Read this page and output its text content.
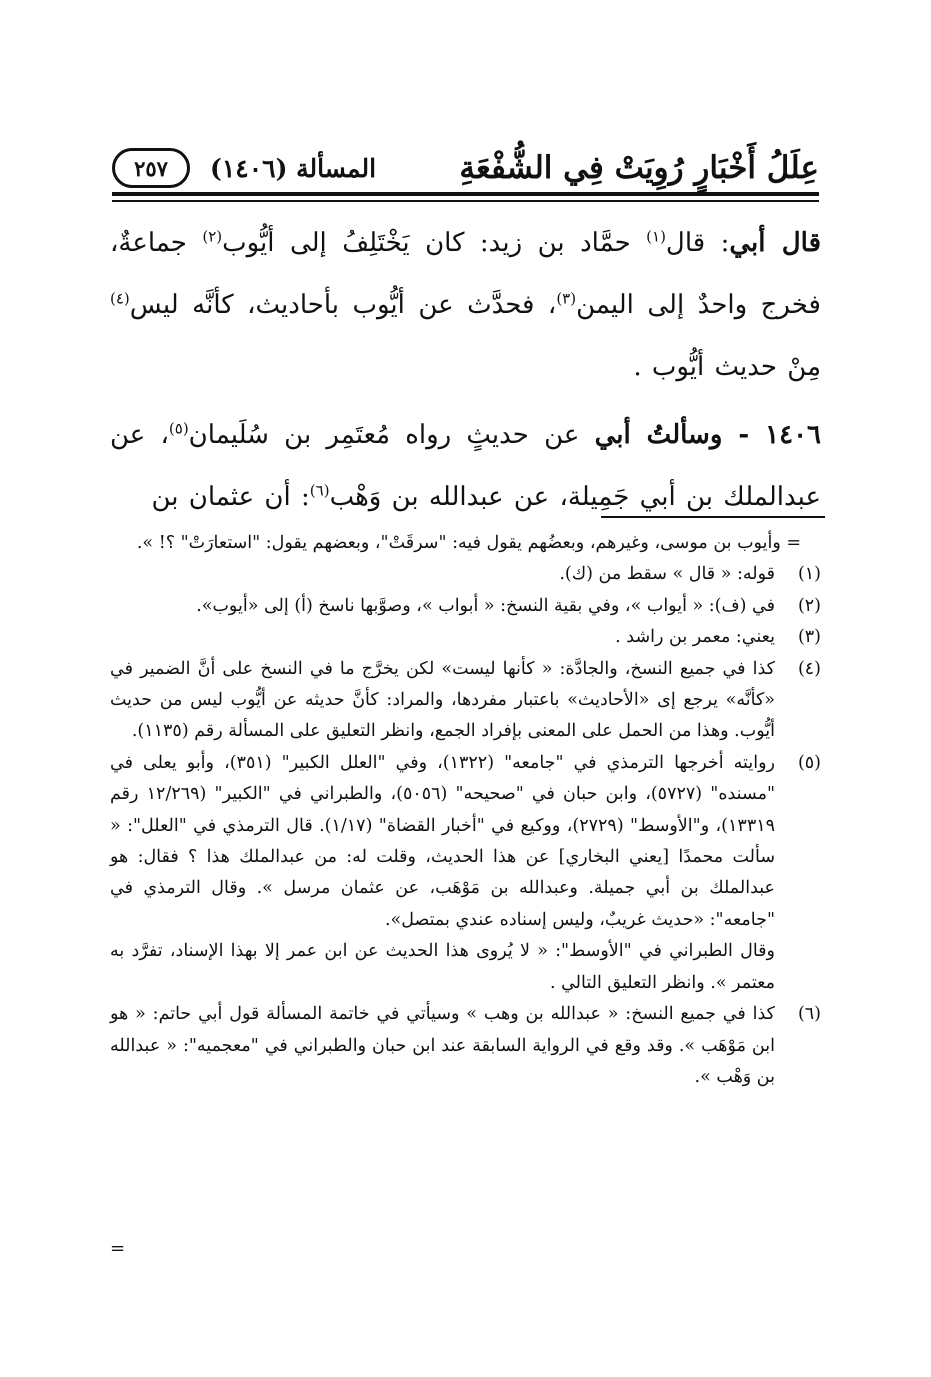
عِلَلُ أَخْبَارٍ رُوِيَتْ فِي الشُّفْعَةِ
المسألة (١٤٠٦)
٢٥٧

قال أبي: قال$^{(١)}$ حمَّاد بن زيد: كان يَخْتَلِفُ إلى أيُّوب$^{(٢)}$ جماعةٌ، فخرج واحدٌ إلى اليمن$^{(٣)}$، فحدَّث عن أيُّوب بأحاديث، كأنَّه ليس$^{(٤)}$ مِنْ حديث أيُّوب .

١٤٠٦ - وسألتُ أبي عن حديثٍ رواه مُعتَمِر بن سُلَيمان$^{(٥)}$، عن عبدالملك بن أبي جَمِيلة، عن عبدالله بن وَهْب$^{(٦)}$: أن عثمان بن

= وأيوب بن موسى، وغيرهم، وبعضُهم يقول فيه: "سرقَتْ"، وبعضهم يقول: "استعارَتْ" ؟! ».
(١)

قوله: « قال » سقط من (ك).

(٢)

في (ف): « أيواب »، وفي بقية النسخ: « أبواب »، وصوَّبها ناسخ (أ) إلى «أيوب».

(٣)

يعني: معمر بن راشد .

(٤)

كذا في جميع النسخ، والجادَّة: « كأنها ليست» لكن يخرَّج ما في النسخ على أنَّ الضمير في «كأنَّه» يرجع إى «الأحاديث» باعتبار مفردها، والمراد: كأنَّ حديثه عن أيُّوب ليس من حديث أيُّوب. وهذا من الحمل على المعنى بإفراد الجمع، وانظر التعليق على المسألة رقم (١١٣٥).

(٥)

روايته أخرجها الترمذي في "جامعه" (١٣٢٢)، وفي "العلل الكبير" (٣٥١)، وأبو يعلى في "مسنده" (٥٧٢٧)، وابن حبان في "صحيحه" (٥٠٥٦)، والطبراني في "الكبير" (١٢/٢٦٩ رقم ١٣٣١٩)، و"الأوسط" (٢٧٢٩)، ووكيع في "أخبار القضاة" (١/١٧). قال الترمذي في "العلل": « سألت محمدًا [يعني البخاري] عن هذا الحديث، وقلت له: من عبدالملك هذا ؟ فقال: هو عبدالملك بن أبي جميلة. وعبدالله بن مَوْهَب، عن عثمان مرسل ». وقال الترمذي في "جامعه": «حديث غريبٌ، وليس إسناده عندي بمتصل».

وقال الطبراني في "الأوسط": « لا يُروى هذا الحديث عن ابن عمر إلا بهذا الإسناد، تفرَّد به معتمر ». وانظر التعليق التالي .

(٦)

كذا في جميع النسخ: « عبدالله بن وهب » وسيأتي في خاتمة المسألة قول أبي حاتم: « هو ابن مَوْهَب ». وقد وقع في الرواية السابقة عند ابن حبان والطبراني في "معجميه": « عبدالله بن وَهْب ».

=
